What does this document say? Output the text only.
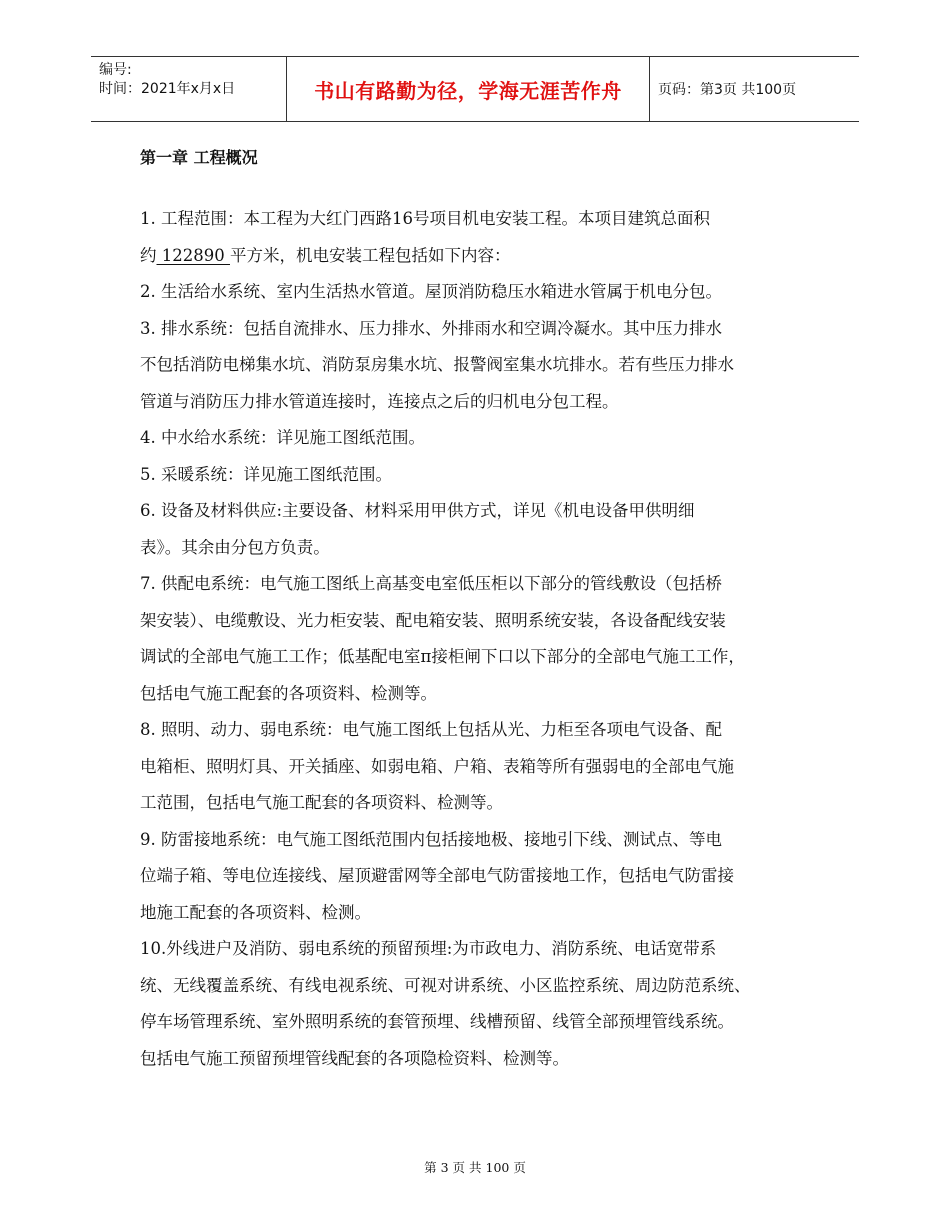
编号:
时间：2021年x月x日	书山有路勤为径，学海无涯苦作舟	页码：第3页 共100页
第一章 工程概况
1. 工程范围：本工程为大红门西路16号项目机电安装工程。本项目建筑总面积
约 122890 平方米，机电安装工程包括如下内容：
2. 生活给水系统、室内生活热水管道。屋顶消防稳压水箱进水管属于机电分包。
3. 排水系统：包括自流排水、压力排水、外排雨水和空调冷凝水。其中压力排水
不包括消防电梯集水坑、消防泵房集水坑、报警阀室集水坑排水。若有些压力排水
管道与消防压力排水管道连接时，连接点之后的归机电分包工程。
4. 中水给水系统：详见施工图纸范围。
5. 采暖系统：详见施工图纸范围。
6. 设备及材料供应:主要设备、材料采用甲供方式，详见《机电设备甲供明细
表》。其余由分包方负责。
7. 供配电系统：电气施工图纸上高基变电室低压柜以下部分的管线敷设（包括桥
架安装）、电缆敷设、光力柜安装、配电箱安装、照明系统安装，各设备配线安装
调试的全部电气施工工作；低基配电室π接柜闸下口以下部分的全部电气施工工作，
包括电气施工配套的各项资料、检测等。
8. 照明、动力、弱电系统：电气施工图纸上包括从光、力柜至各项电气设备、配
电箱柜、照明灯具、开关插座、如弱电箱、户箱、表箱等所有强弱电的全部电气施
工范围，包括电气施工配套的各项资料、检测等。
9. 防雷接地系统：电气施工图纸范围内包括接地极、接地引下线、测试点、等电
位端子箱、等电位连接线、屋顶避雷网等全部电气防雷接地工作，包括电气防雷接
地施工配套的各项资料、检测。
10.外线进户及消防、弱电系统的预留预埋:为市政电力、消防系统、电话宽带系
统、无线覆盖系统、有线电视系统、可视对讲系统、小区监控系统、周边防范系统、
停车场管理系统、室外照明系统的套管预埋、线槽预留、线管全部预埋管线系统。
包括电气施工预留预埋管线配套的各项隐检资料、检测等。
第 3 页 共 100 页
